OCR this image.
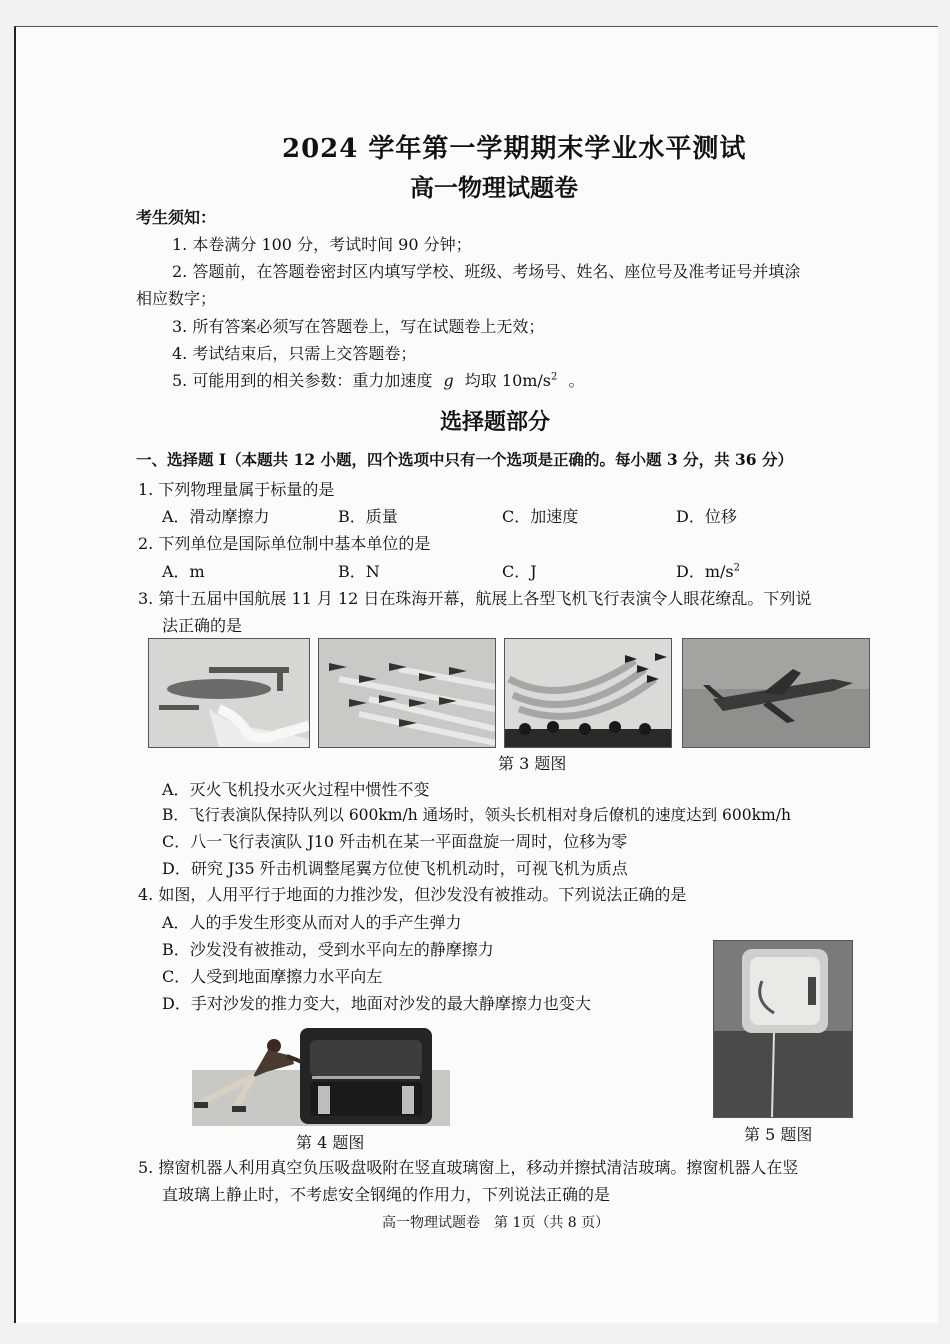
2024 学年第一学期期末学业水平测试
高一物理试题卷
考生须知：
1. 本卷满分 100 分，考试时间 90 分钟；
2. 答题前，在答题卷密封区内填写学校、班级、考场号、姓名、座位号及准考证号并填涂
相应数字；
3. 所有答案必须写在答题卷上，写在试题卷上无效；
4. 考试结束后，只需上交答题卷；
5. 可能用到的相关参数：重力加速度 g 均取 $10m/s^2$ 。
选择题部分
一、选择题 I（本题共 12 小题，四个选项中只有一个选项是正确的。每小题 3 分，共 36 分）
1. 下列物理量属于标量的是
A．滑动摩擦力	B．质量	C．加速度	D．位移
2. 下列单位是国际单位制中基本单位的是
A．m	B．N	C．J	D．$m/s^2$
3. 第十五届中国航展 11 月 12 日在珠海开幕，航展上各型飞机飞行表演令人眼花缭乱。下列说
法正确的是
第 3 题图
A．灭火飞机投水灭火过程中惯性不变
B．飞行表演队保持队列以 600km/h 通场时，领头长机相对身后僚机的速度达到 600km/h
C．八一飞行表演队 J10 歼击机在某一平面盘旋一周时，位移为零
D．研究 J35 歼击机调整尾翼方位使飞机机动时，可视飞机为质点
4. 如图，人用平行于地面的力推沙发，但沙发没有被推动。下列说法正确的是
A．人的手发生形变从而对人的手产生弹力
B．沙发没有被推动，受到水平向左的静摩擦力
C．人受到地面摩擦力水平向左
D．手对沙发的推力变大，地面对沙发的最大静摩擦力也变大
第 4 题图	第 5 题图
5. 擦窗机器人利用真空负压吸盘吸附在竖直玻璃窗上，移动并擦拭清洁玻璃。擦窗机器人在竖
直玻璃上静止时，不考虑安全钢绳的作用力，下列说法正确的是
高一物理试题卷　第 1页（共 8 页）
